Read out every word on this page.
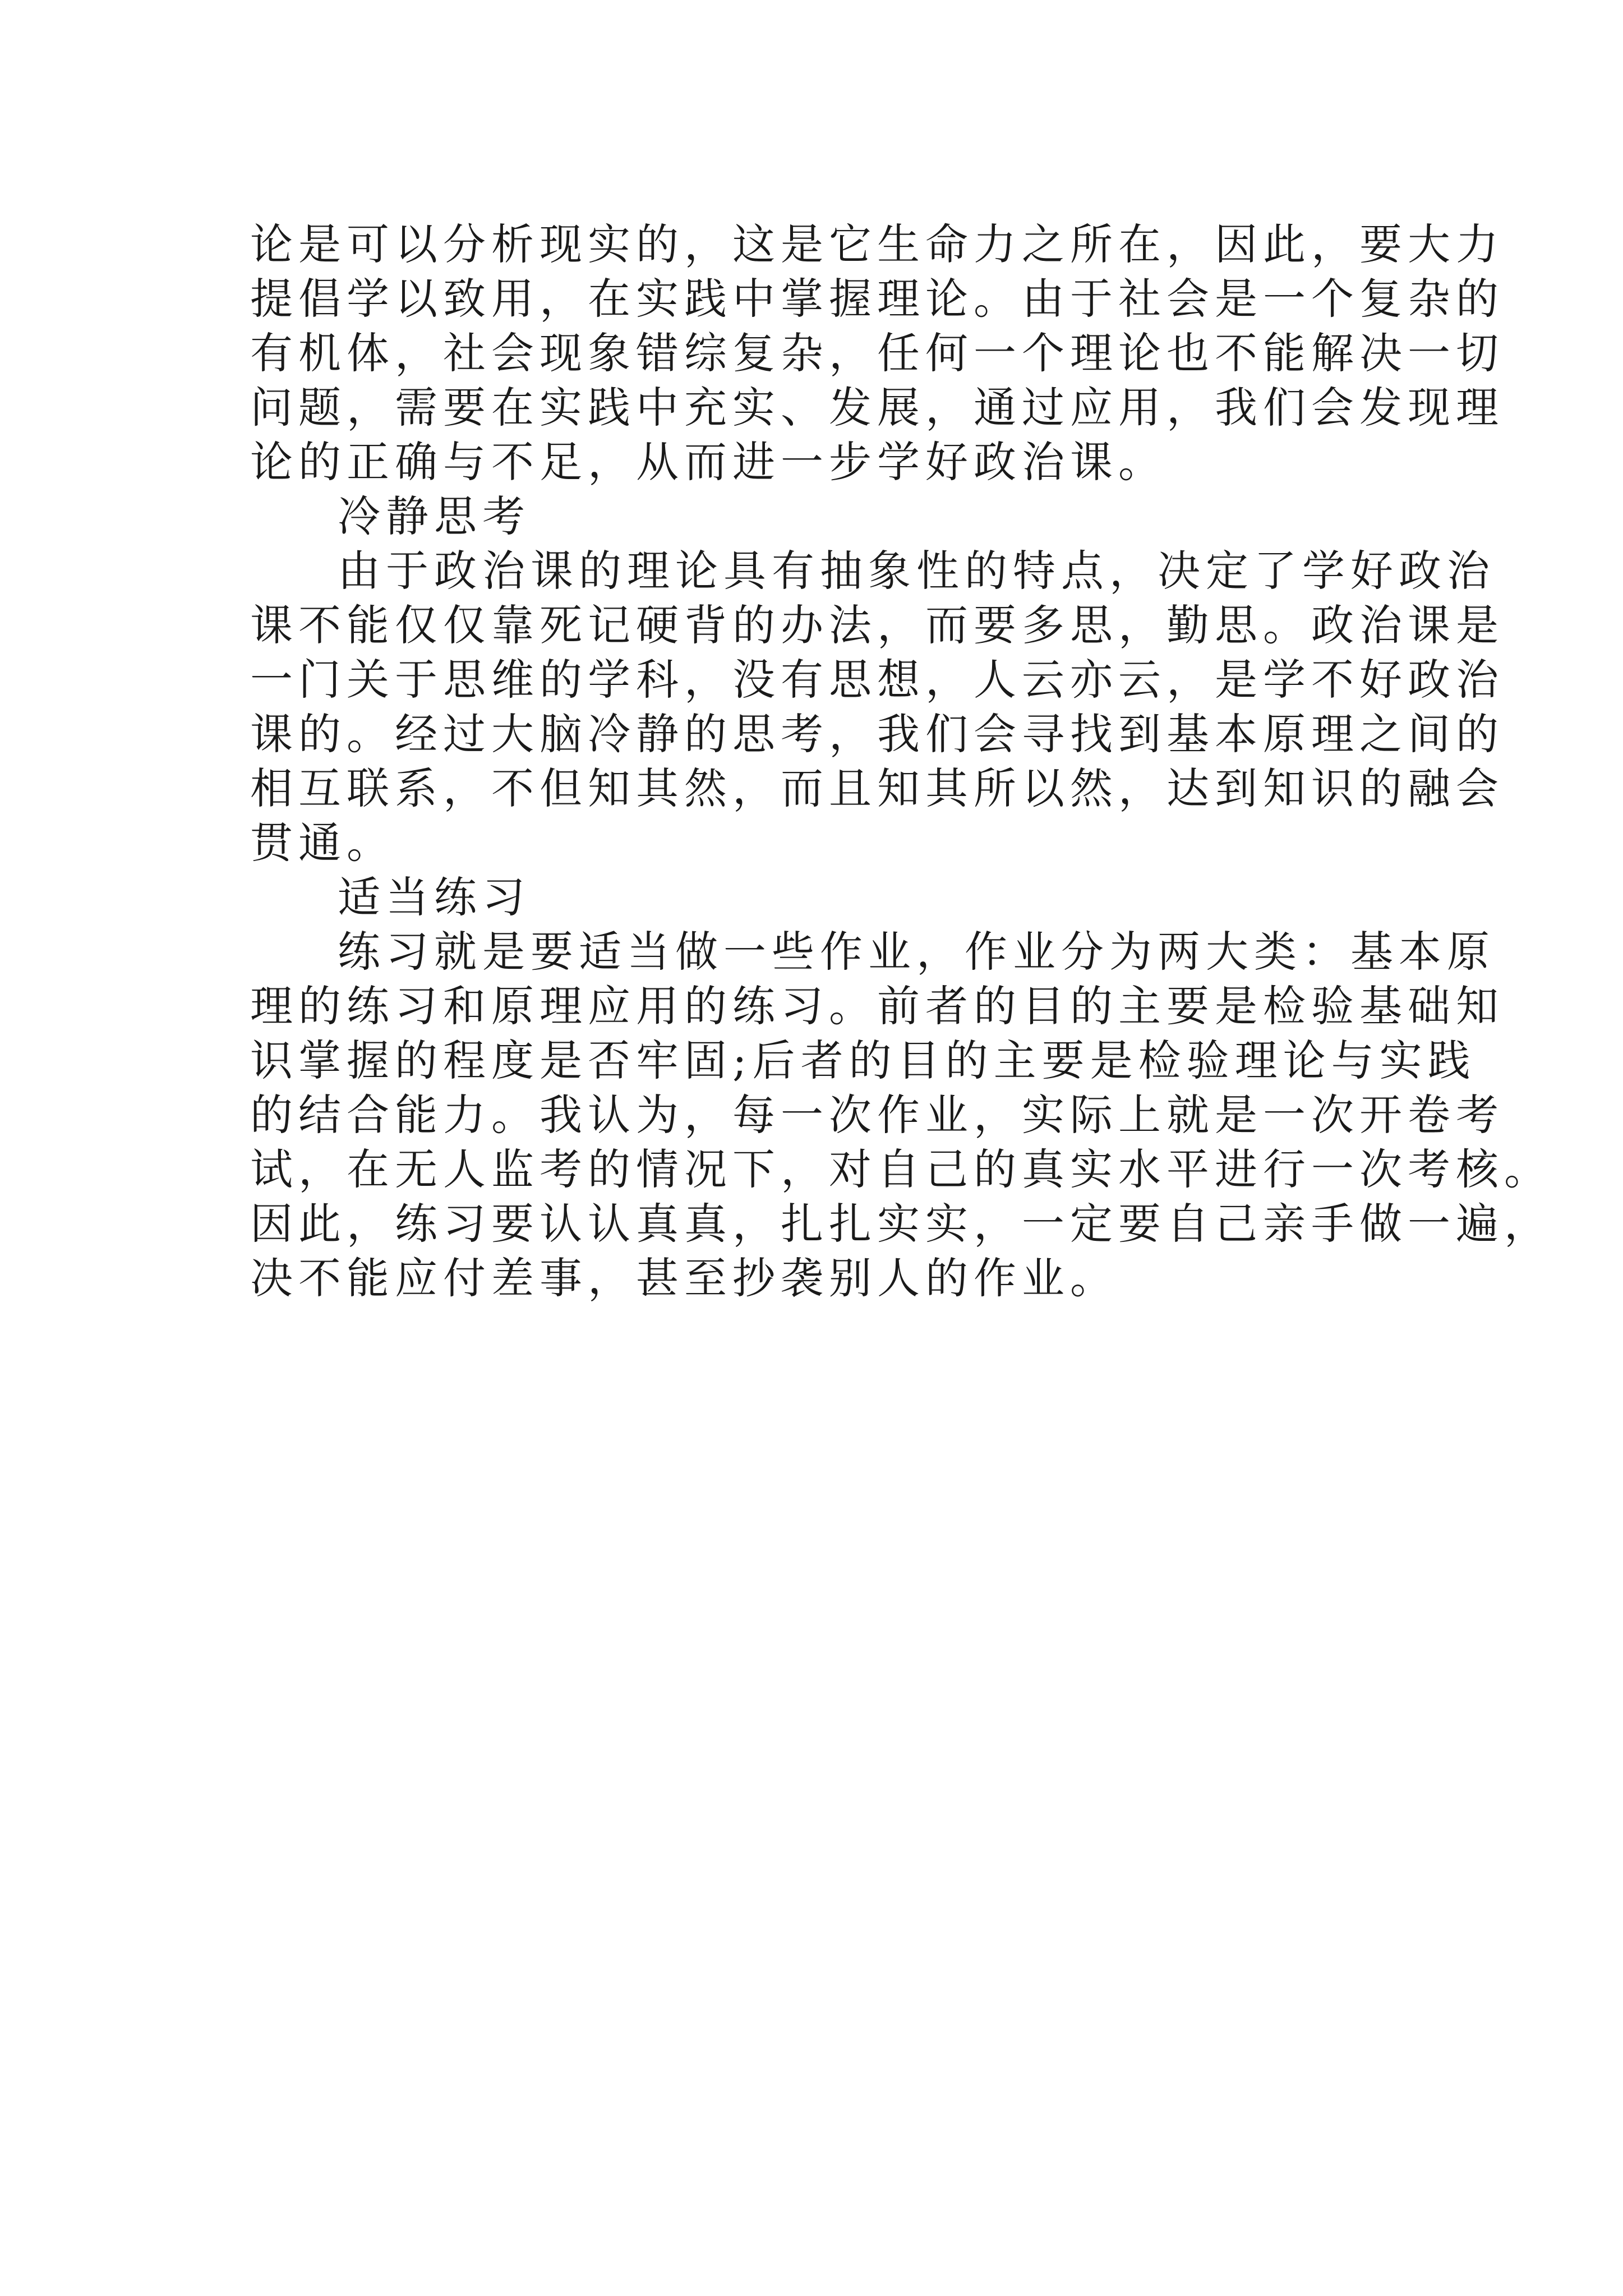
论是可以分析现实的，这是它生命力之所在，因此，要大力
提倡学以致用，在实践中掌握理论。由于社会是一个复杂的
有机体，社会现象错综复杂，任何一个理论也不能解决一切
问题，需要在实践中充实、发展，通过应用，我们会发现理
论的正确与不足，从而进一步学好政治课。
冷静思考
由于政治课的理论具有抽象性的特点，决定了学好政治
课不能仅仅靠死记硬背的办法，而要多思，勤思。政治课是
一门关于思维的学科，没有思想，人云亦云，是学不好政治
课的。经过大脑冷静的思考，我们会寻找到基本原理之间的
相互联系，不但知其然，而且知其所以然，达到知识的融会
贯通。
适当练习
练习就是要适当做一些作业，作业分为两大类：基本原
理的练习和原理应用的练习。前者的目的主要是检验基础知
识掌握的程度是否牢固;后者的目的主要是检验理论与实践
的结合能力。我认为，每一次作业，实际上就是一次开卷考
试，在无人监考的情况下，对自己的真实水平进行一次考核。
因此，练习要认认真真，扎扎实实，一定要自己亲手做一遍，
决不能应付差事，甚至抄袭别人的作业。
